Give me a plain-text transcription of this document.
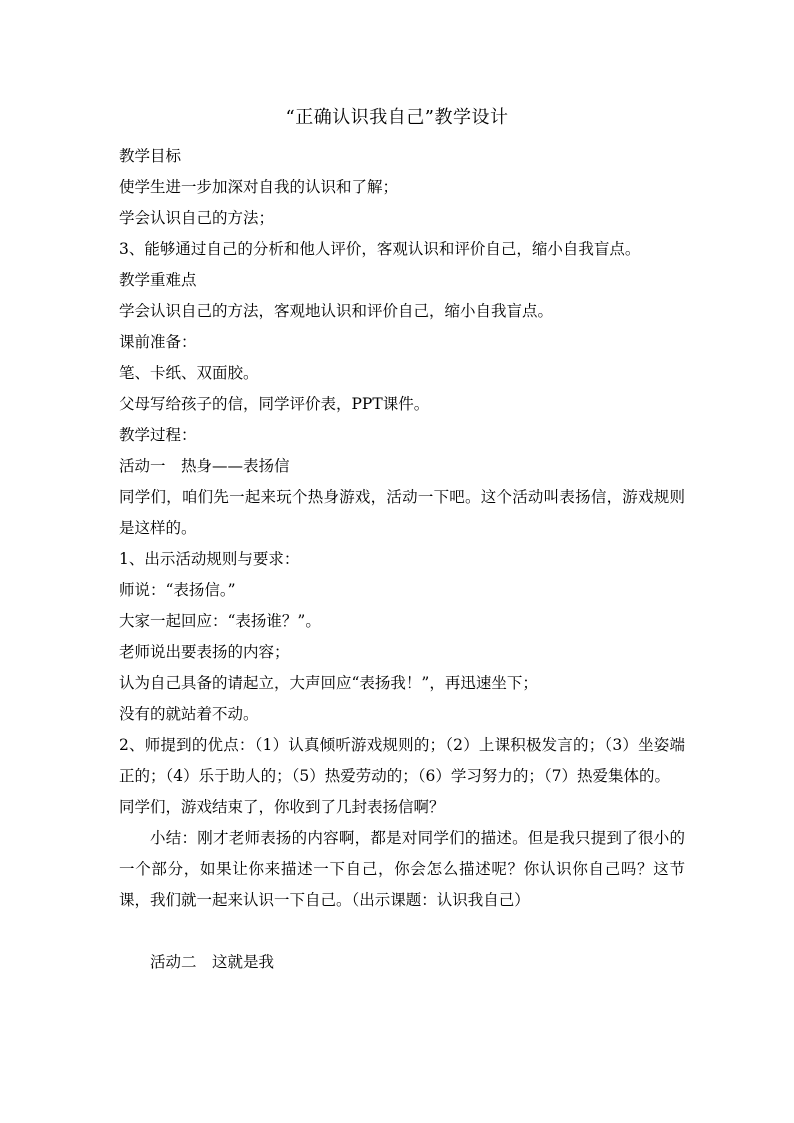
“正确认识我自己”教学设计
教学目标
使学生进一步加深对自我的认识和了解；
学会认识自己的方法；
3、能够通过自己的分析和他人评价，客观认识和评价自己，缩小自我盲点。
教学重难点
学会认识自己的方法，客观地认识和评价自己，缩小自我盲点。
课前准备：
笔、卡纸、双面胶。
父母写给孩子的信，同学评价表，PPT课件。
教学过程：
活动一　热身——表扬信
同学们，咱们先一起来玩个热身游戏，活动一下吧。这个活动叫表扬信，游戏规则是这样的。
1、出示活动规则与要求：
师说：“表扬信。”
大家一起回应：“表扬谁？”。
老师说出要表扬的内容；
认为自己具备的请起立，大声回应“表扬我！”，再迅速坐下；
没有的就站着不动。
2、师提到的优点：（1）认真倾听游戏规则的；（2）上课积极发言的；（3）坐姿端正的；（4）乐于助人的；（5）热爱劳动的；（6）学习努力的；（7）热爱集体的。
同学们，游戏结束了，你收到了几封表扬信啊？
小结：刚才老师表扬的内容啊，都是对同学们的描述。但是我只提到了很小的一个部分，如果让你来描述一下自己，你会怎么描述呢？你认识你自己吗？这节课，我们就一起来认识一下自己。（出示课题：认识我自己）
活动二　这就是我
